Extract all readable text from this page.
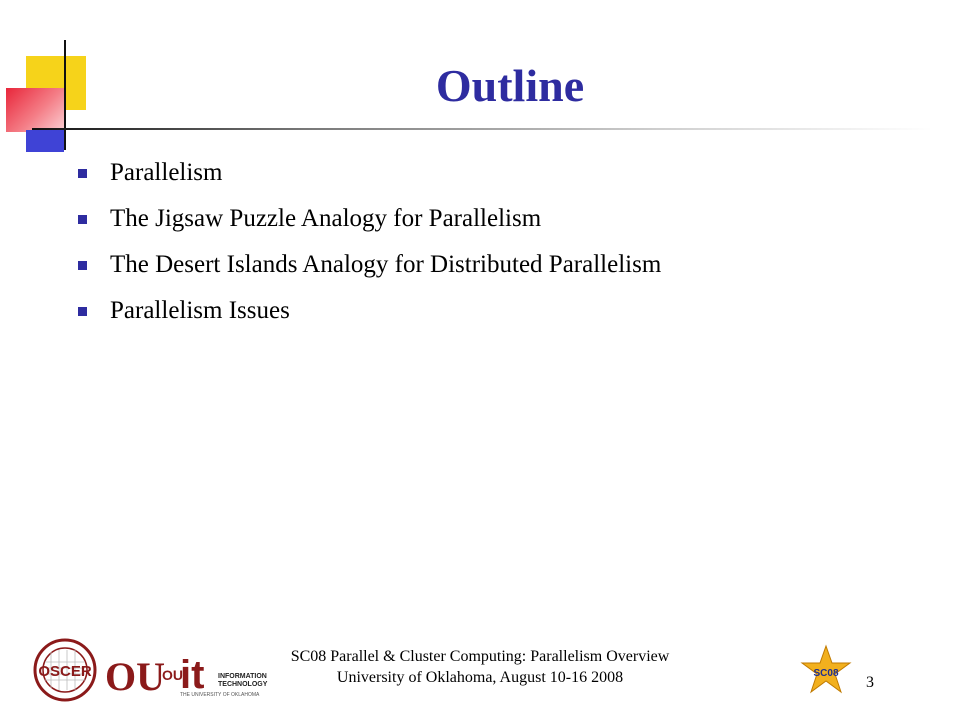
Outline
Parallelism
The Jigsaw Puzzle Analogy for Parallelism
The Desert Islands Analogy for Distributed Parallelism
Parallelism Issues
OSCER OU
OU
it INFORMATION
TECHNOLOGY
THE UNIVERSITY OF OKLAHOMA
SC08 Parallel & Cluster Computing: Parallelism Overview
University of Oklahoma, August 10-16 2008	SC08
3
